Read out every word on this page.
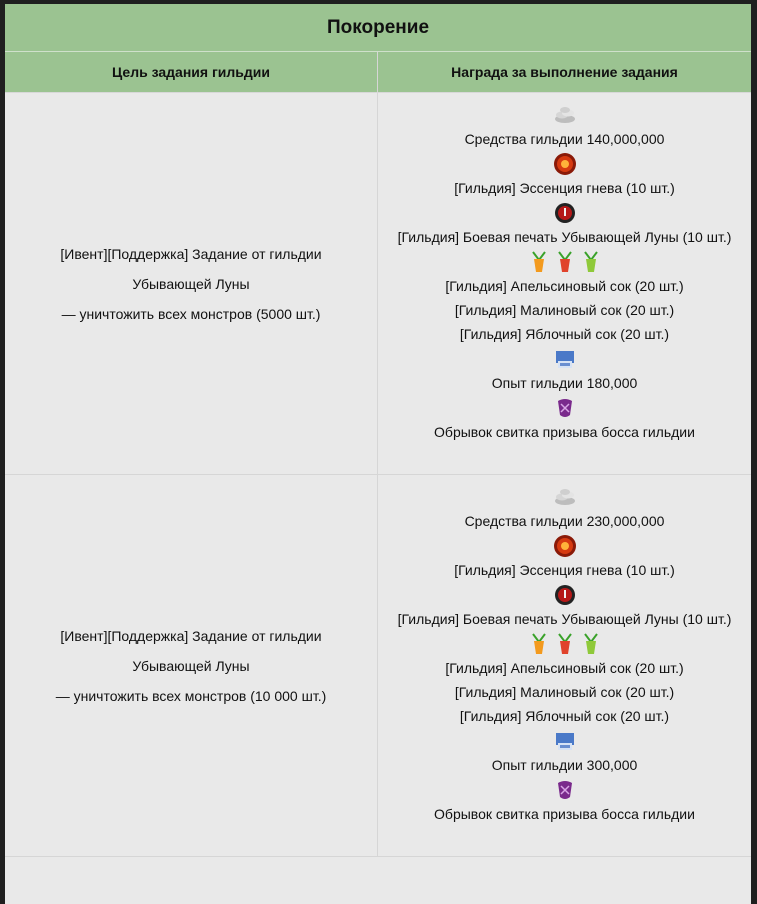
Покорение
Цель задания гильдии	Награда за выполнение задания
[Ивент][Поддержка] Задание от гильдии
Убывающей Луны
— уничтожить всех монстров (5000 шт.)
Средства гильдии 140,000,000
[Гильдия] Эссенция гнева (10 шт.)
[Гильдия] Боевая печать Убывающей Луны (10 шт.)
[Гильдия] Апельсиновый сок (20 шт.)
[Гильдия] Малиновый сок (20 шт.)
[Гильдия] Яблочный сок (20 шт.)
Опыт гильдии 180,000
Обрывок свитка призыва босса гильдии
[Ивент][Поддержка] Задание от гильдии
Убывающей Луны
— уничтожить всех монстров (10 000 шт.)
Средства гильдии 230,000,000
[Гильдия] Эссенция гнева (10 шт.)
[Гильдия] Боевая печать Убывающей Луны (10 шт.)
[Гильдия] Апельсиновый сок (20 шт.)
[Гильдия] Малиновый сок (20 шт.)
[Гильдия] Яблочный сок (20 шт.)
Опыт гильдии 300,000
Обрывок свитка призыва босса гильдии
